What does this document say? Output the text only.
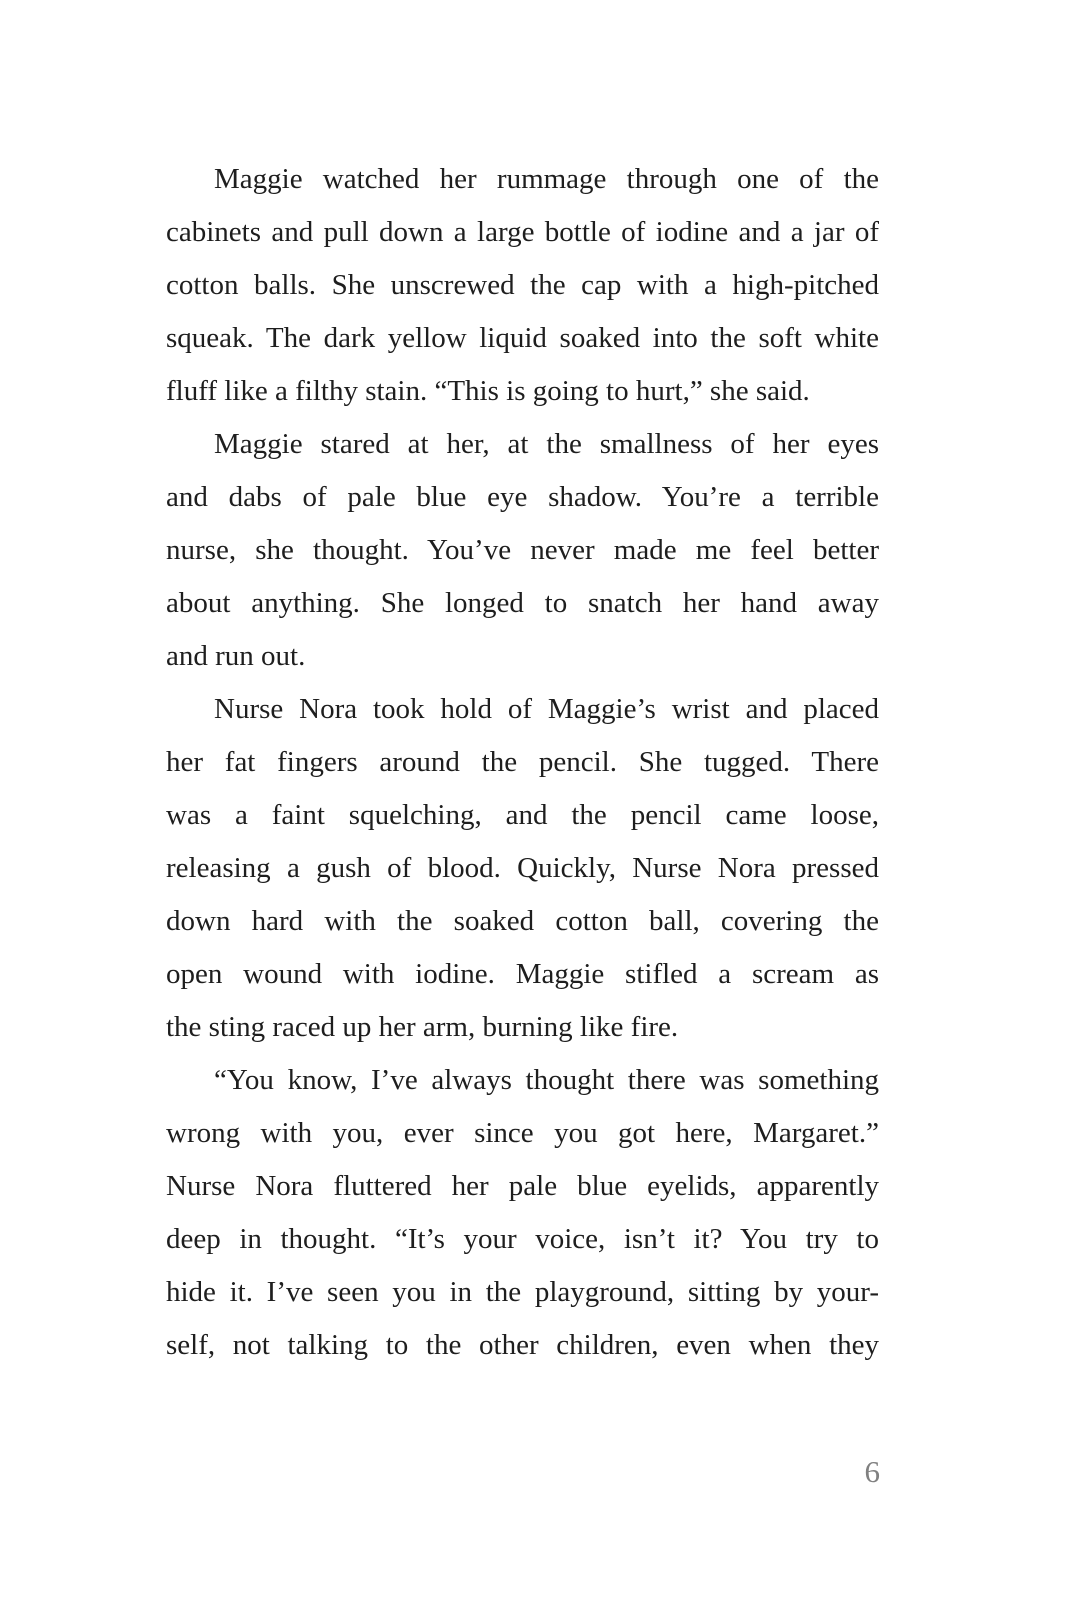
Maggie watched her rummage through one of the
cabinets and pull down a large bottle of iodine and a jar of
cotton balls. She unscrewed the cap with a high-pitched
squeak. The dark yellow liquid soaked into the soft white
fluff like a filthy stain. “This is going to hurt,” she said.
Maggie stared at her, at the smallness of her eyes
and dabs of pale blue eye shadow. You’re a terrible
nurse, she thought. You’ve never made me feel better
about anything. She longed to snatch her hand away
and run out.
Nurse Nora took hold of Maggie’s wrist and placed
her fat fingers around the pencil. She tugged. There
was a faint squelching, and the pencil came loose,
releasing a gush of blood. Quickly, Nurse Nora pressed
down hard with the soaked cotton ball, covering the
open wound with iodine. Maggie stifled a scream as
the sting raced up her arm, burning like fire.
“You know, I’ve always thought there was something
wrong with you, ever since you got here, Margaret.”
Nurse Nora fluttered her pale blue eyelids, apparently
deep in thought. “It’s your voice, isn’t it? You try to
hide it. I’ve seen you in the playground, sitting by your-
self, not talking to the other children, even when they
6
